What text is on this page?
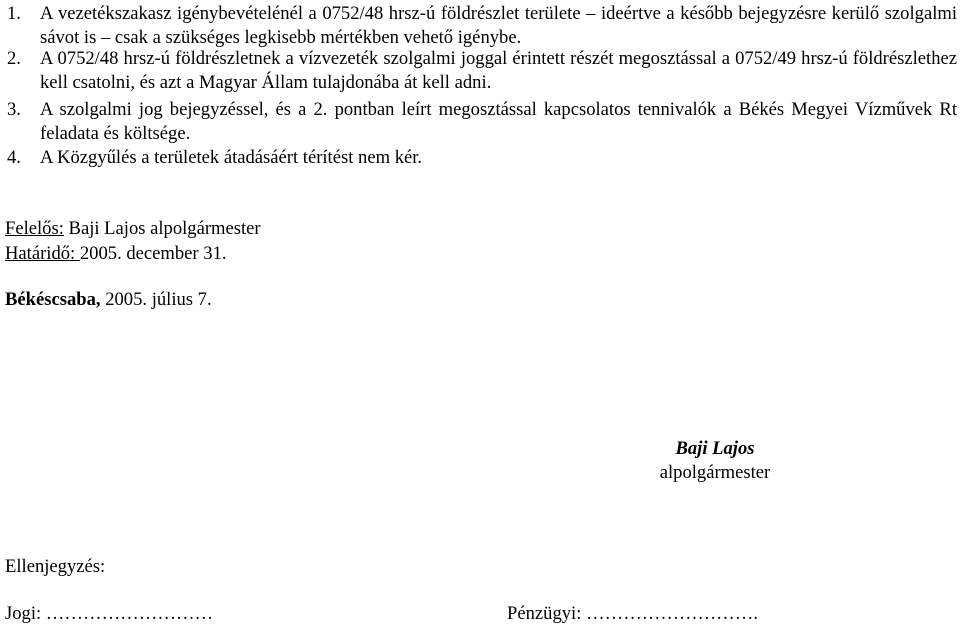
1. A vezetékszakasz igénybevételénél a 0752/48 hrsz-ú földrészlet területe – ideértve a később bejegyzésre kerülő szolgalmi sávot is – csak a szükséges legkisebb mértékben vehető igénybe.
2. A 0752/48 hrsz-ú földrészletnek a vízvezeték szolgalmi joggal érintett részét megosztással a 0752/49 hrsz-ú földrészlethez kell csatolni, és azt a Magyar Állam tulajdonába át kell adni.
3. A szolgalmi jog bejegyzéssel, és a 2. pontban leírt megosztással kapcsolatos tennivalók a Békés Megyei Vízművek Rt feladata és költsége.
4. A Közgyűlés a területek átadásáért térítést nem kér.
Felelős: Baji Lajos alpolgármester
Határidő: 2005. december 31.
Békéscsaba, 2005. július 7.
Baji Lajos
alpolgármester
Ellenjegyzés:
Jogi: ………………………	Pénzügyi: ……………………….
